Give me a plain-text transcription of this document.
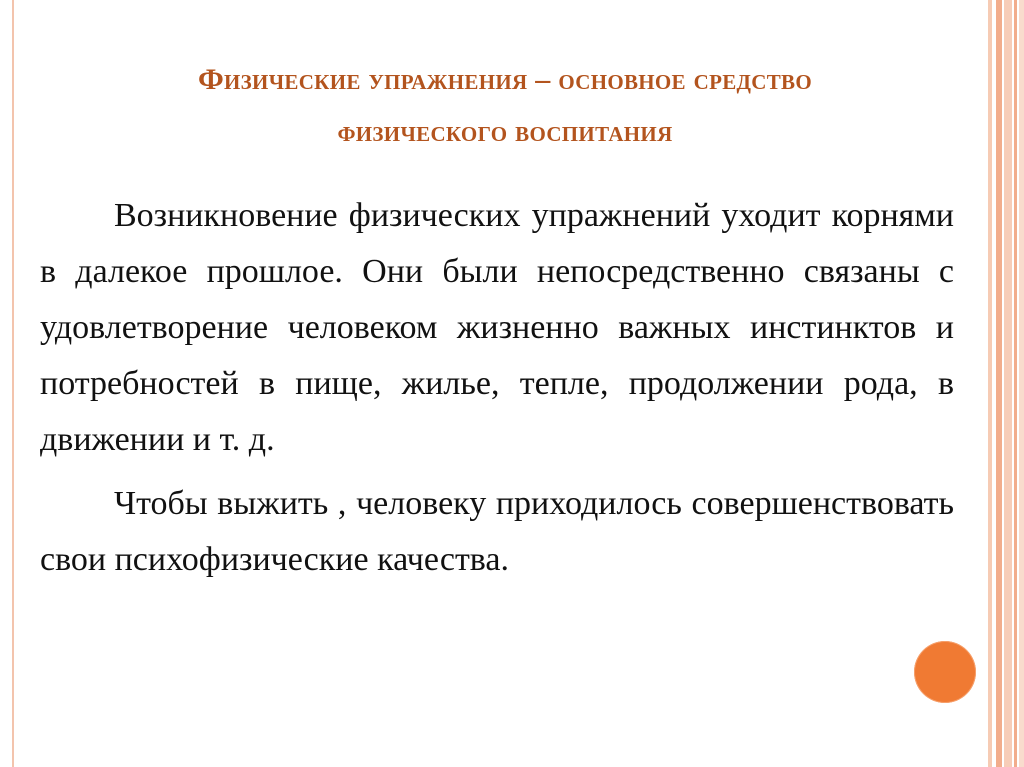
Физические упражнения – основное средство
физического воспитания

Возникновение физических упражнений уходит корнями в далекое прошлое. Они были непосредственно связаны с удовлетворение человеком жизненно важных инстинктов и потребностей в пище, жилье, тепле, продолжении рода, в движении и т. д.

Чтобы выжить , человеку приходилось совершенствовать свои психофизические качества.
